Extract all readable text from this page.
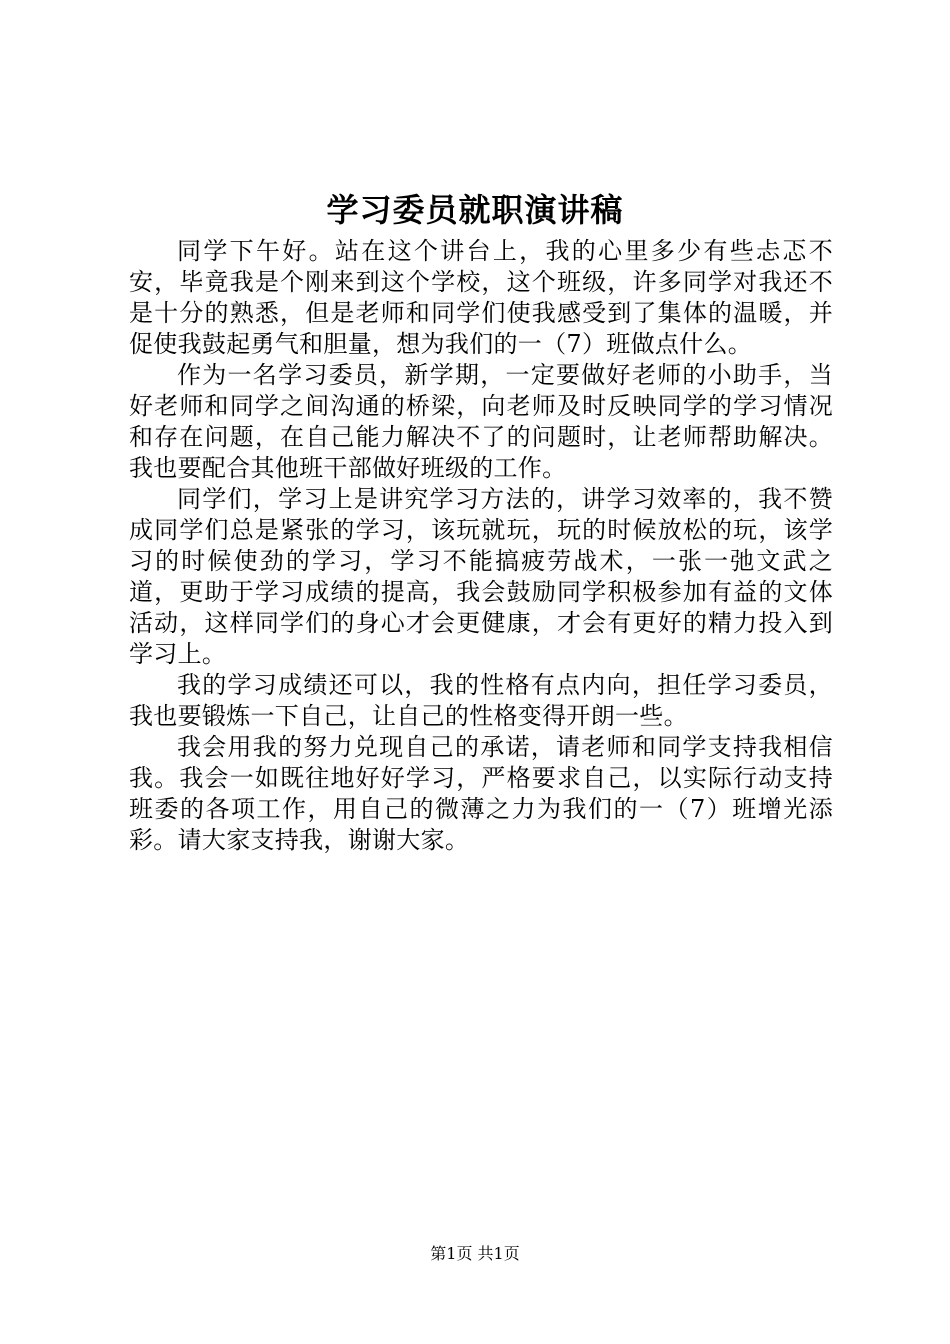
学习委员就职演讲稿

同学下午好。站在这个讲台上，我的心里多少有些忐忑不安，毕竟我是个刚来到这个学校，这个班级，许多同学对我还不是十分的熟悉，但是老师和同学们使我感受到了集体的温暖，并促使我鼓起勇气和胆量，想为我们的一（7）班做点什么。

作为一名学习委员，新学期，一定要做好老师的小助手，当好老师和同学之间沟通的桥梁，向老师及时反映同学的学习情况和存在问题，在自己能力解决不了的问题时，让老师帮助解决。我也要配合其他班干部做好班级的工作。

同学们，学习上是讲究学习方法的，讲学习效率的，我不赞成同学们总是紧张的学习，该玩就玩，玩的时候放松的玩，该学习的时候使劲的学习，学习不能搞疲劳战术，一张一弛文武之道，更助于学习成绩的提高，我会鼓励同学积极参加有益的文体活动，这样同学们的身心才会更健康，才会有更好的精力投入到学习上。

我的学习成绩还可以，我的性格有点内向，担任学习委员，我也要锻炼一下自己，让自己的性格变得开朗一些。

我会用我的努力兑现自己的承诺，请老师和同学支持我相信我。我会一如既往地好好学习，严格要求自己，以实际行动支持班委的各项工作，用自己的微薄之力为我们的一（7）班增光添彩。请大家支持我，谢谢大家。

第1页 共1页
